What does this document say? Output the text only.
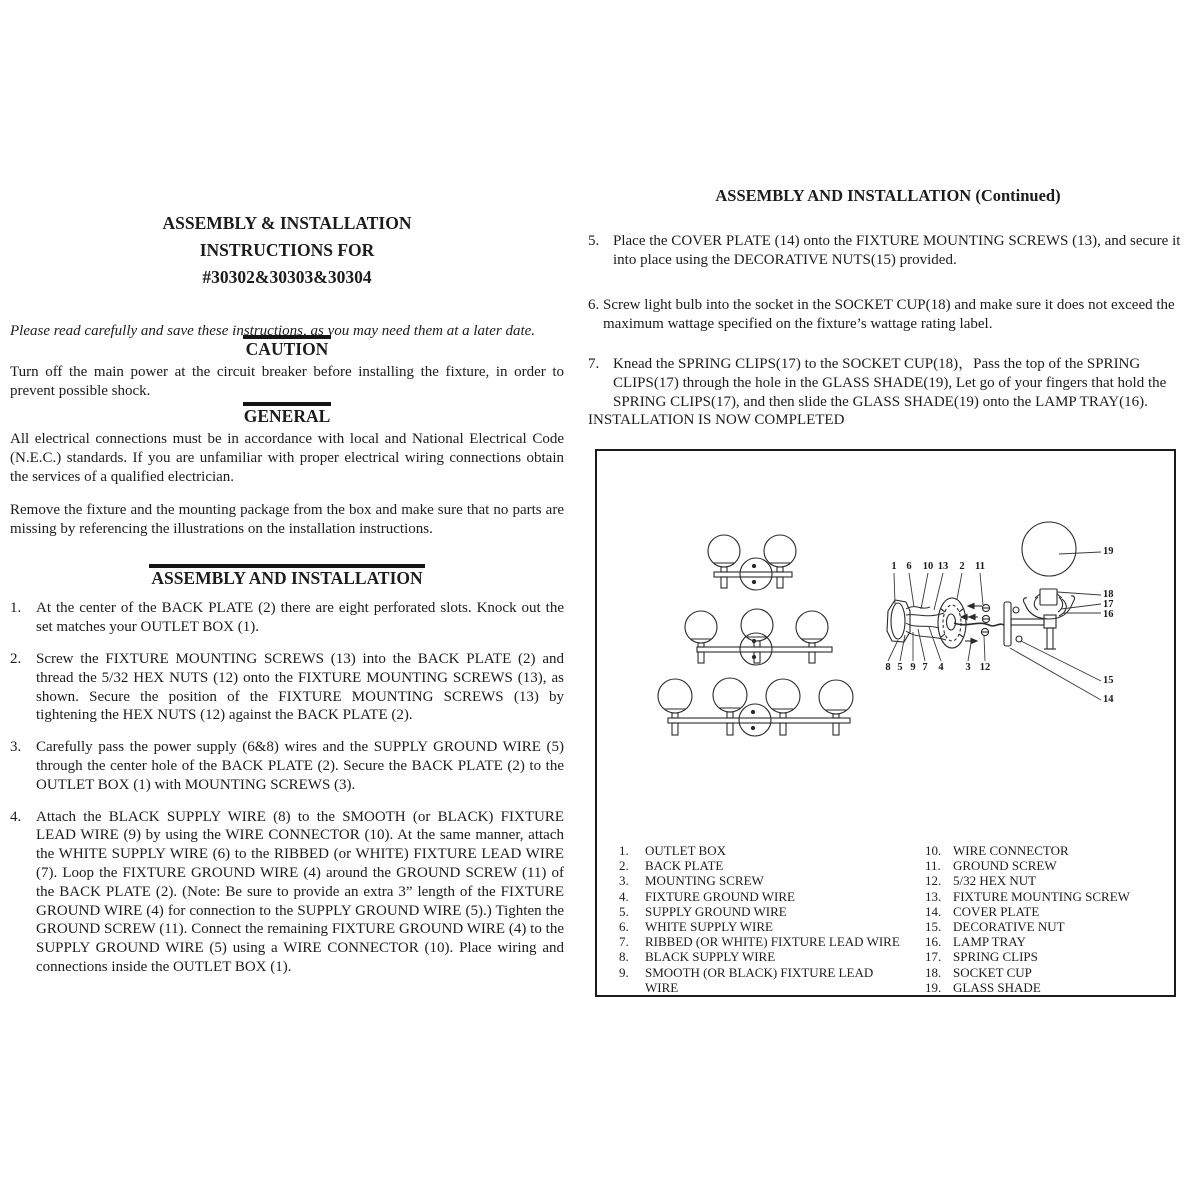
ASSEMBLY & INSTALLATION
INSTRUCTIONS FOR
#30302&30303&30304
Please read carefully and save these instructions, as you may need them at a later date.
CAUTION
Turn off the main power at the circuit breaker before installing the fixture, in order to prevent possible shock.
GENERAL
All electrical connections must be in accordance with local and National Electrical Code (N.E.C.) standards. If you are unfamiliar with proper electrical wiring connections obtain the services of a qualified electrician.
Remove the fixture and the mounting package from the box and make sure that no parts are missing by referencing the illustrations on the installation instructions.
ASSEMBLY AND INSTALLATION
1. At the center of the BACK PLATE (2) there are eight perforated slots. Knock out the set matches your OUTLET BOX (1).
2. Screw the FIXTURE MOUNTING SCREWS (13) into the BACK PLATE (2) and thread the 5/32 HEX NUTS (12) onto the FIXTURE MOUNTING SCREWS (13), as shown. Secure the position of the FIXTURE MOUNTING SCREWS (13) by tightening the HEX NUTS (12) against the BACK PLATE (2).
3. Carefully pass the power supply (6&8) wires and the SUPPLY GROUND WIRE (5) through the center hole of the BACK PLATE (2). Secure the BACK PLATE (2) to the OUTLET BOX (1) with MOUNTING SCREWS (3).
4. Attach the BLACK SUPPLY WIRE (8) to the SMOOTH (or BLACK) FIXTURE LEAD WIRE (9) by using the WIRE CONNECTOR (10). At the same manner, attach the WHITE SUPPLY WIRE (6) to the RIBBED (or WHITE) FIXTURE LEAD WIRE (7). Loop the FIXTURE GROUND WIRE (4) around the GROUND SCREW (11) of the BACK PLATE (2). (Note: Be sure to provide an extra 3” length of the FIXTURE GROUND WIRE (4) for connection to the SUPPLY GROUND WIRE (5).) Tighten the GROUND SCREW (11). Connect the remaining FIXTURE GROUND WIRE (4) to the SUPPLY GROUND WIRE (5) using a WIRE CONNECTOR (10). Place wiring and connections inside the OUTLET BOX (1).
ASSEMBLY AND INSTALLATION (Continued)
5. Place the COVER PLATE (14) onto the FIXTURE MOUNTING SCREWS (13), and secure it into place using the DECORATIVE NUTS(15) provided.
6. Screw light bulb into the socket in the SOCKET CUP(18) and make sure it does not exceed the maximum wattage specified on the fixture’s wattage rating label.
7. Knead the SPRING CLIPS(17) to the SOCKET CUP(18)，Pass the top of the SPRING CLIPS(17) through the hole in the GLASS SHADE(19), Let go of your fingers that hold the SPRING CLIPS(17), and then slide the GLASS SHADE(19) onto the LAMP TRAY(16).
INSTALLATION IS NOW COMPLETED
1 6 10 13 2 11
8 5 9 7 4 3 12
19
18
17
16
15
14
1.	OUTLET BOX
2.	BACK PLATE
3.	MOUNTING SCREW
4.	FIXTURE GROUND WIRE
5.	SUPPLY GROUND WIRE
6.	WHITE SUPPLY WIRE
7.	RIBBED (OR WHITE) FIXTURE LEAD WIRE
8.	BLACK SUPPLY WIRE
9.	SMOOTH (OR BLACK) FIXTURE LEAD
WIRE
10. WIRE CONNECTOR
11. GROUND SCREW
12. 5/32 HEX NUT
13. FIXTURE MOUNTING SCREW
14. COVER PLATE
15. DECORATIVE NUT
16. LAMP TRAY
17. SPRING CLIPS
18. SOCKET CUP
19. GLASS SHADE
